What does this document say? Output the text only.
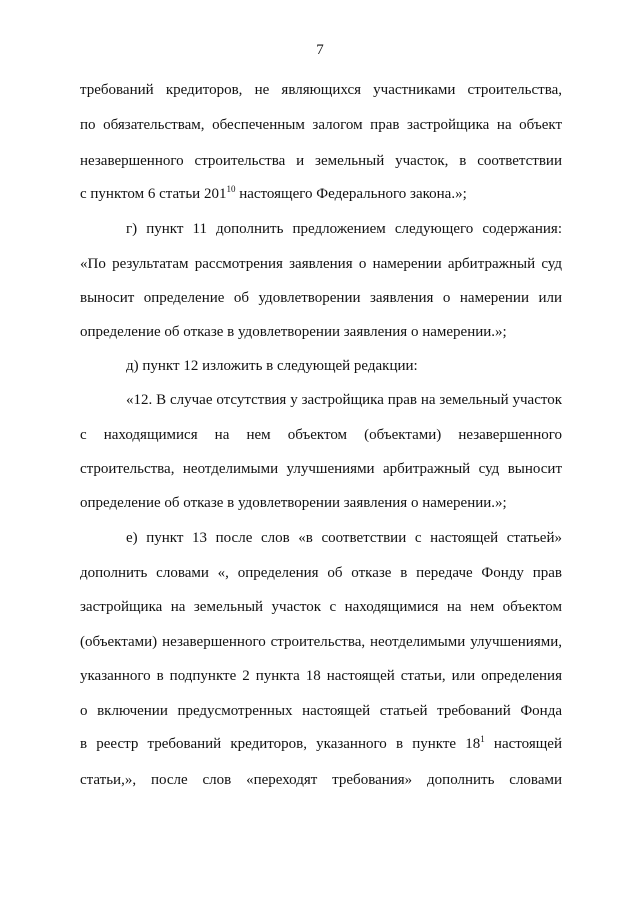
7
требований кредиторов, не являющихся участниками строительства,
по обязательствам, обеспеченным залогом прав застройщика на объект
незавершенного строительства и земельный участок, в соответствии
с пунктом 6 статьи $201^{10}$ настоящего Федерального закона.»;
г) пункт 11 дополнить предложением следующего содержания:
«По результатам рассмотрения заявления о намерении арбитражный суд
выносит определение об удовлетворении заявления о намерении или
определение об отказе в удовлетворении заявления о намерении.»;
д) пункт 12 изложить в следующей редакции:
«12. В случае отсутствия у застройщика прав на земельный участок
с находящимися на нем объектом (объектами) незавершенного
строительства, неотделимыми улучшениями арбитражный суд выносит
определение об отказе в удовлетворении заявления о намерении.»;
е) пункт 13 после слов «в соответствии с настоящей статьей»
дополнить словами «, определения об отказе в передаче Фонду прав
застройщика на земельный участок с находящимися на нем объектом
(объектами) незавершенного строительства, неотделимыми улучшениями,
указанного в подпункте 2 пункта 18 настоящей статьи, или определения
о включении предусмотренных настоящей статьей требований Фонда
в реестр требований кредиторов, указанного в пункте $18^1$ настоящей
статьи,», после слов «переходят требования» дополнить словами
